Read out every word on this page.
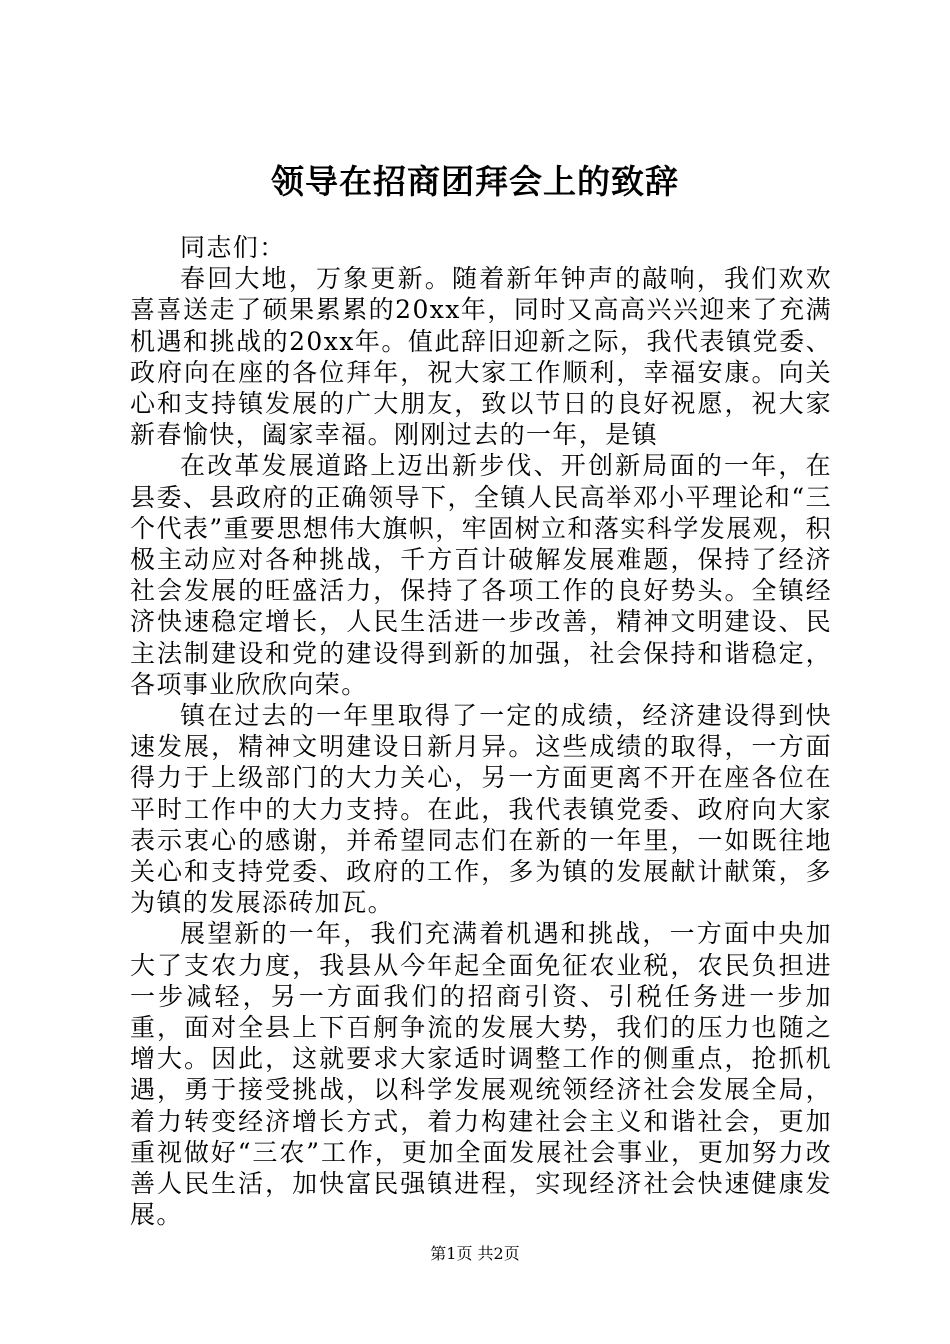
领导在招商团拜会上的致辞

同志们：

春回大地，万象更新。随着新年钟声的敲响，我们欢欢喜喜送走了硕果累累的20xx年，同时又高高兴兴迎来了充满机遇和挑战的20xx年。值此辞旧迎新之际，我代表镇党委、政府向在座的各位拜年，祝大家工作顺利，幸福安康。向关心和支持镇发展的广大朋友，致以节日的良好祝愿，祝大家新春愉快，阖家幸福。刚刚过去的一年，是镇

在改革发展道路上迈出新步伐、开创新局面的一年，在县委、县政府的正确领导下，全镇人民高举邓小平理论和“三个代表”重要思想伟大旗帜，牢固树立和落实科学发展观，积极主动应对各种挑战，千方百计破解发展难题，保持了经济社会发展的旺盛活力，保持了各项工作的良好势头。全镇经济快速稳定增长，人民生活进一步改善，精神文明建设、民主法制建设和党的建设得到新的加强，社会保持和谐稳定，各项事业欣欣向荣。

镇在过去的一年里取得了一定的成绩，经济建设得到快速发展，精神文明建设日新月异。这些成绩的取得，一方面得力于上级部门的大力关心，另一方面更离不开在座各位在平时工作中的大力支持。在此，我代表镇党委、政府向大家表示衷心的感谢，并希望同志们在新的一年里，一如既往地关心和支持党委、政府的工作，多为镇的发展献计献策，多为镇的发展添砖加瓦。

展望新的一年，我们充满着机遇和挑战，一方面中央加大了支农力度，我县从今年起全面免征农业税，农民负担进一步减轻，另一方面我们的招商引资、引税任务进一步加重，面对全县上下百舸争流的发展大势，我们的压力也随之增大。因此，这就要求大家适时调整工作的侧重点，抢抓机遇，勇于接受挑战，以科学发展观统领经济社会发展全局，着力转变经济增长方式，着力构建社会主义和谐社会，更加重视做好“三农”工作，更加全面发展社会事业，更加努力改善人民生活，加快富民强镇进程，实现经济社会快速健康发展。

第1页 共2页
